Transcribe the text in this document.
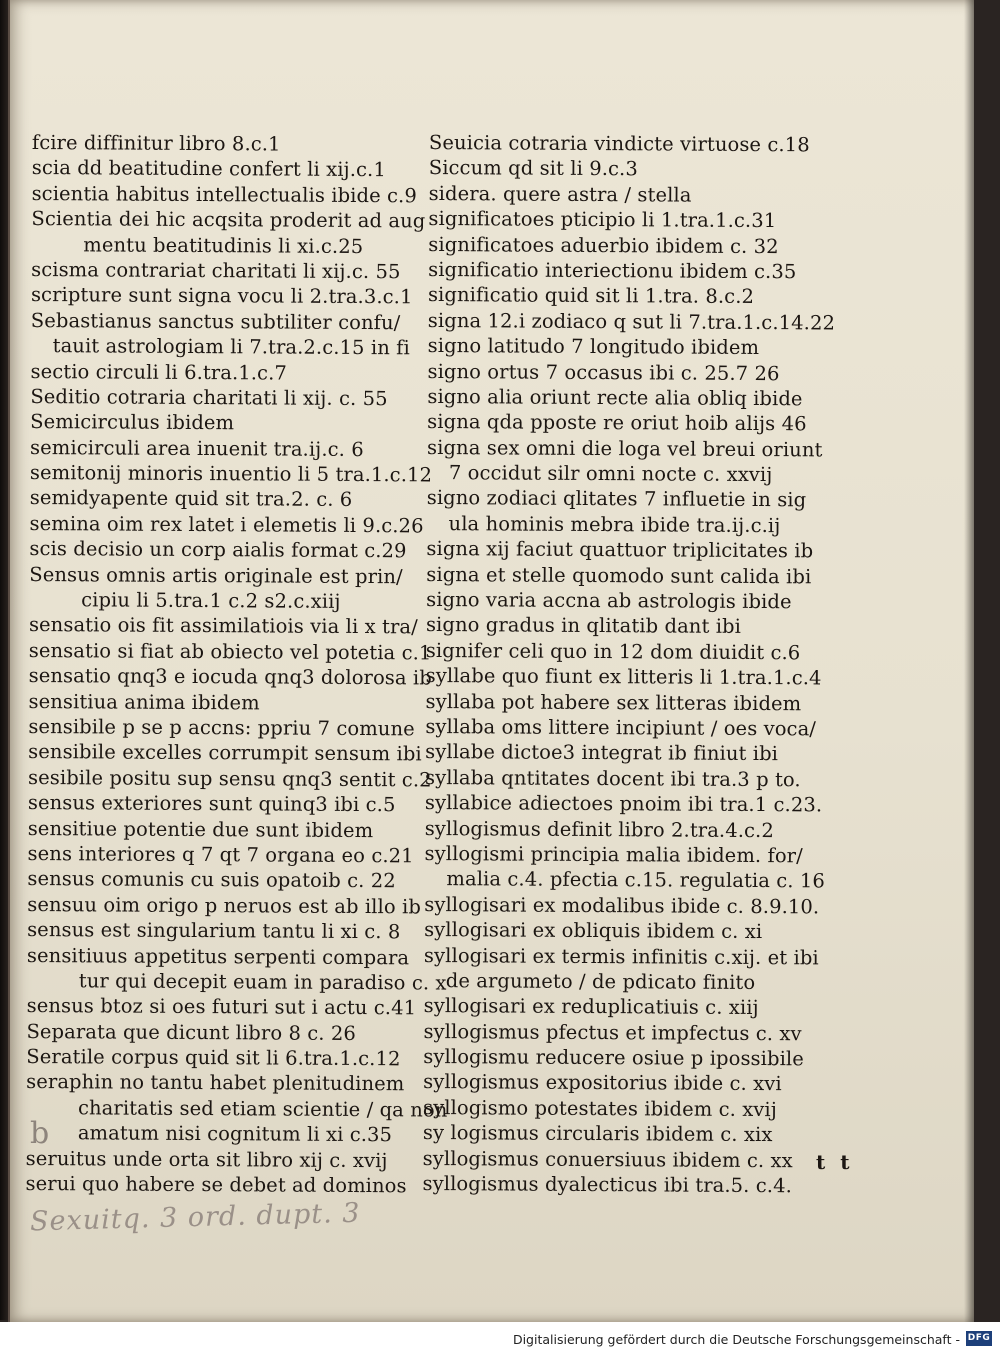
fcire diffinitur libro 8.c.1
scia dd beatitudine confert li xij.c.1
scientia habitus intellectualis ibide c.9
Scientia dei hic acqsita proderit ad aug
mentu beatitudinis li xi.c.25
scisma contrariat charitati li xij.c. 55
scripture sunt signa vocu li 2.tra.3.c.1
Sebastianus sanctus subtiliter confu/
tauit astrologiam li 7.tra.2.c.15 in fi
sectio circuli li 6.tra.1.c.7
Seditio cotraria charitati li xij. c. 55
Semicirculus ibidem
semicirculi area inuenit tra.ij.c. 6
semitonij minoris inuentio li 5 tra.1.c.12
semidyapente quid sit tra.2. c. 6
semina oim rex latet i elemetis li 9.c.26
scis decisio un corp aialis format c.29
Sensus omnis artis originale est prin/
cipiu li 5.tra.1 c.2 s2.c.xiij
sensatio ois fit assimilatiois via li x tra/
sensatio si fiat ab obiecto vel potetia c.1
sensatio qnq3 e iocuda qnq3 dolorosa ib
sensitiua anima ibidem
sensibile p se p accns: ppriu 7 comune
sensibile excelles corrumpit sensum ibi
sesibile positu sup sensu qnq3 sentit c.2
sensus exteriores sunt quinq3 ibi c.5
sensitiue potentie due sunt ibidem
sens interiores q 7 qt 7 organa eo c.21
sensus comunis cu suis opatoib c. 22
sensuu oim origo p neruos est ab illo ib
sensus est singularium tantu li xi c. 8
sensitiuus appetitus serpenti compara
tur qui decepit euam in paradiso c. x
sensus btoz si oes futuri sut i actu c.41
Separata que dicunt libro 8 c. 26
Seratile corpus quid sit li 6.tra.1.c.12
seraphin no tantu habet plenitudinem
charitatis sed etiam scientie / qa non
amatum nisi cognitum li xi c.35
seruitus unde orta sit libro xij c. xvij
serui quo habere se debet ad dominos
Seuicia cotraria vindicte virtuose c.18
Siccum qd sit li 9.c.3
sidera. quere astra / stella
significatoes pticipio li 1.tra.1.c.31
significatoes aduerbio ibidem c. 32
significatio interiectionu ibidem c.35
significatio quid sit li 1.tra. 8.c.2
signa 12.i zodiaco q sut li 7.tra.1.c.14.22
signo latitudo 7 longitudo ibidem
signo ortus 7 occasus ibi c. 25.7 26
signo alia oriunt recte alia obliq ibide
signa qda pposte re oriut hoib alijs 46
signa sex omni die loga vel breui oriunt
7 occidut silr omni nocte c. xxvij
signo zodiaci qlitates 7 influetie in sig
ula hominis mebra ibide tra.ij.c.ij
signa xij faciut quattuor triplicitates ib
signa et stelle quomodo sunt calida ibi
signo varia accna ab astrologis ibide
signo gradus in qlitatib dant ibi
signifer celi quo in 12 dom diuidit c.6
syllabe quo fiunt ex litteris li 1.tra.1.c.4
syllaba pot habere sex litteras ibidem
syllaba oms littere incipiunt / oes voca/
syllabe dictoe3 integrat ib finiut ibi
syllaba qntitates docent ibi tra.3 p to.
syllabice adiectoes pnoim ibi tra.1 c.23.
syllogismus definit libro 2.tra.4.c.2
syllogismi principia malia ibidem. for/
malia c.4. pfectia c.15. regulatia c. 16
syllogisari ex modalibus ibide c. 8.9.10.
syllogisari ex obliquis ibidem c. xi
syllogisari ex termis infinitis c.xij. et ibi
de argumeto / de pdicato finito
syllogisari ex reduplicatiuis c. xiij
syllogismus pfectus et impfectus c. xv
syllogismu reducere osiue p ipossibile
syllogismus expositorius ibide c. xvi
syllogismo potestates ibidem c. xvij
sy logismus circularis ibidem c. xix
syllogismus conuersiuus ibidem c. xx
syllogismus dyalecticus ibi tra.5. c.4.
t t
b
Sexuitq. 3 ord. dupt. 3
Digitalisierung gefördert durch die Deutsche Forschungsgemeinschaft - DFG
